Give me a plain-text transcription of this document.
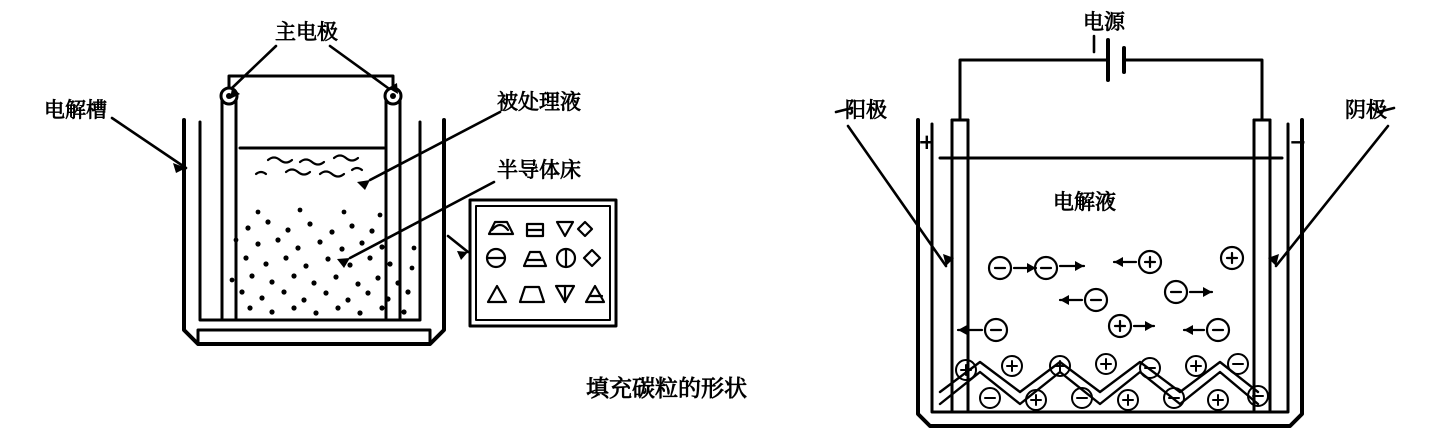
主电极
电解槽	被处理液
半导体床
填充碳粒的形状
电源
阳极
+
阴极
−
电解液
